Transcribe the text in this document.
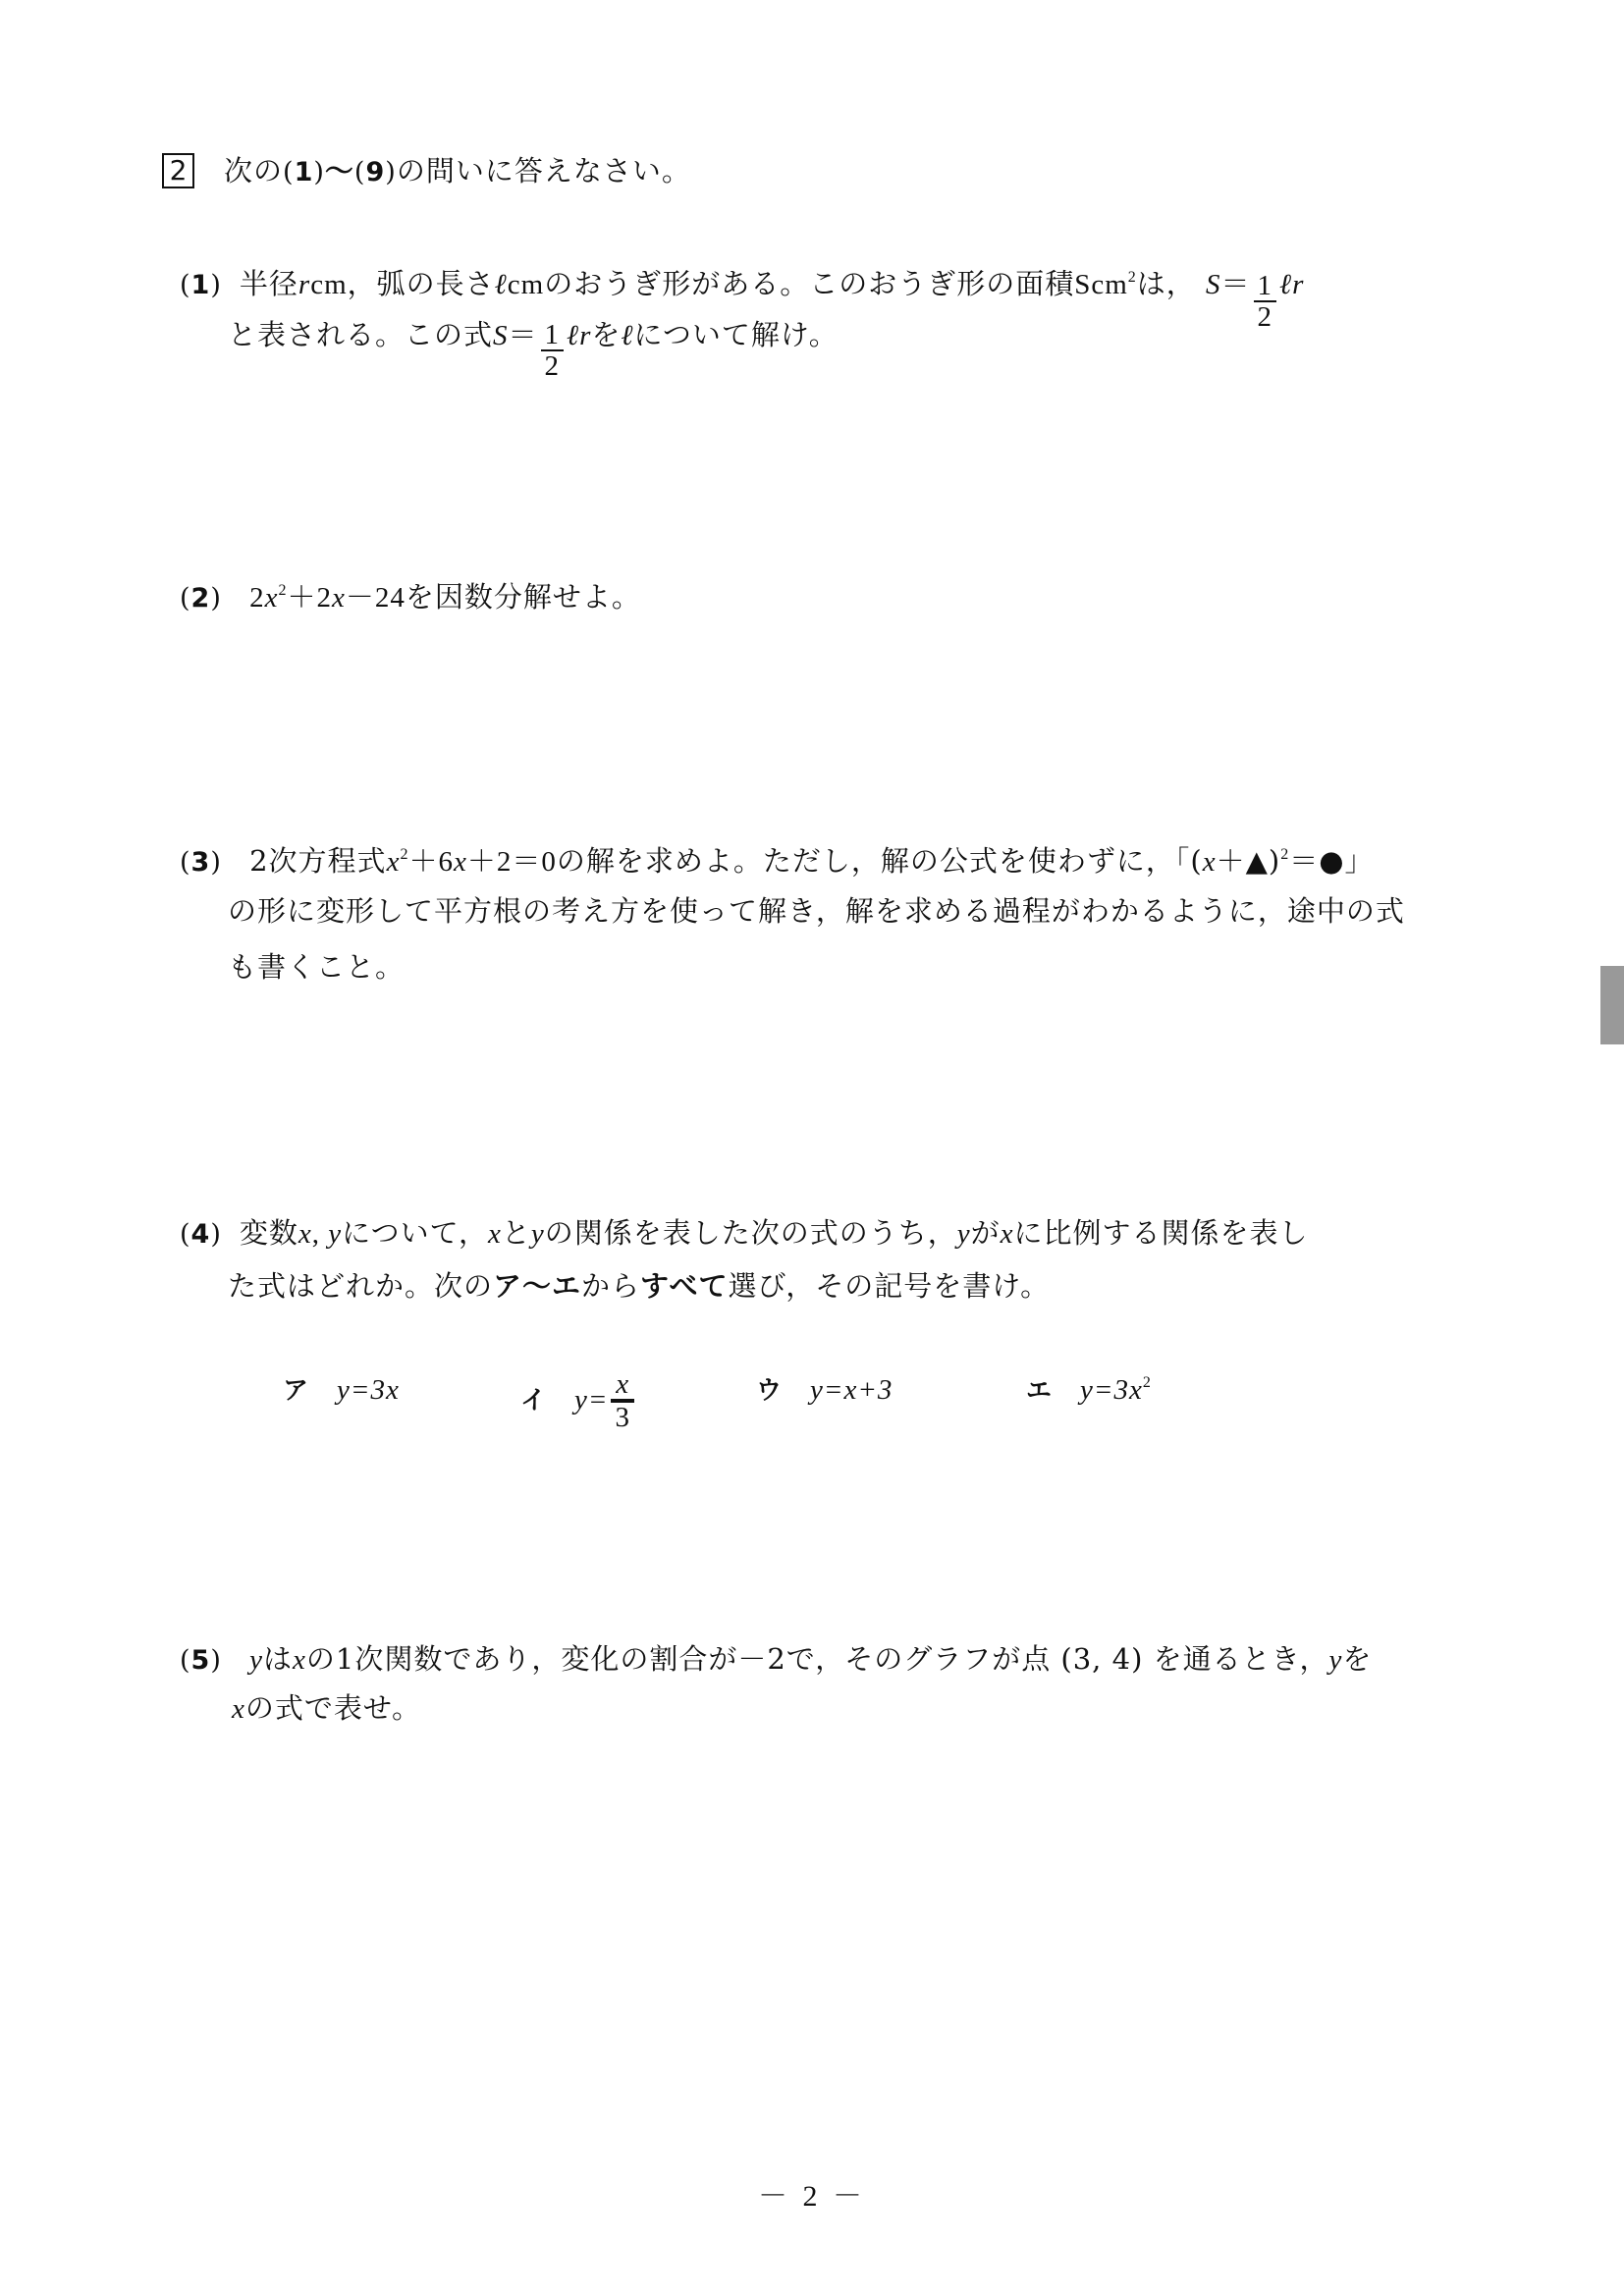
2 次の(1)〜(9)の問いに答えなさい。
(1) 半径rcm，弧の長さℓcmのおうぎ形がある。このおうぎ形の面積Scm$^2$は， $S= \frac{1}{2}$ ℓr
と表される。この式$S= \frac{1}{2}$ ℓrをℓについて解け。
(2) $2x^2+2x-24$を因数分解せよ。
(3) 2次方程式$x^2+6x+2=0$の解を求めよ。ただし，解の公式を使わずに，「(x＋▲)$^2$＝●」
の形に変形して平方根の考え方を使って解き，解を求める過程がわかるように，途中の式
も書くこと。
(4) 変数x, yについて，xとyの関係を表した次の式のうち，yがxに比例する関係を表し
た式はどれか。次のア〜エからすべて選び，その記号を書け。
ア y=3x	イ $y= \frac{x}{3}$	ウ y=x+3	エ $y=3x^2$
(5) yはxの1次関数であり，変化の割合が－2で，そのグラフが点 (3, 4) を通るとき，yを
xの式で表せ。
－ 2 －
